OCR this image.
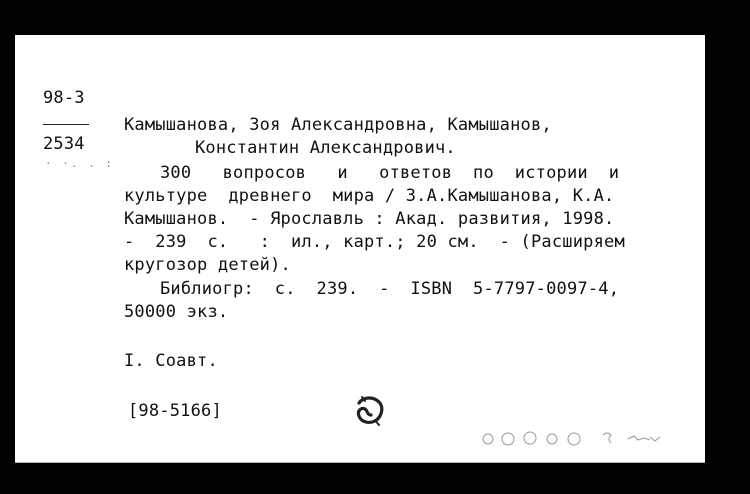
98-3
2534
· ·. . :
Камышанова, Зоя Александровна, Камышанов,
Константин Александрович.
300   вопросов   и   ответов  по  истории  и
культуре  древнего  мира / З.А.Камышанова, К.А.
Камышанов.  - Ярославль : Акад. развития, 1998.
-  239  с.   :  ил., карт.; 20 см.  - (Расширяем
кругозор детей).
Библиогр:  с.  239.  -  ISBN  5-7797-0097-4,
50000 экз.
I. Соавт.
[98-5166]
